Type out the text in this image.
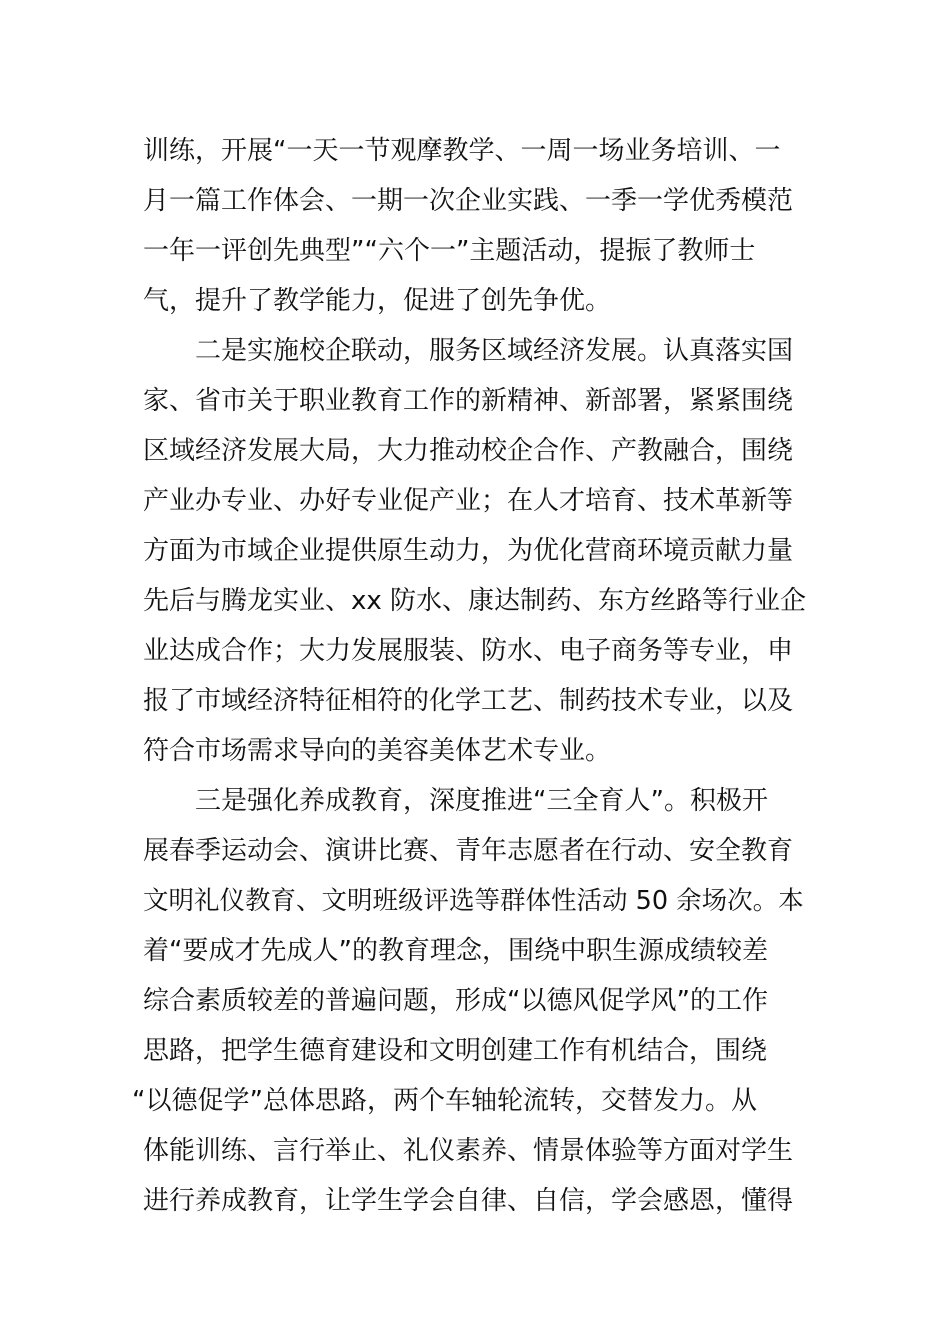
训练，开展“一天一节观摩教学、一周一场业务培训、一
月一篇工作体会、一期一次企业实践、一季一学优秀模范
一年一评创先典型”“六个一”主题活动，提振了教师士
气，提升了教学能力，促进了创先争优。
二是实施校企联动，服务区域经济发展。认真落实国
家、省市关于职业教育工作的新精神、新部署，紧紧围绕
区域经济发展大局，大力推动校企合作、产教融合，围绕
产业办专业、办好专业促产业；在人才培育、技术革新等
方面为市域企业提供原生动力，为优化营商环境贡献力量
先后与腾龙实业、xx 防水、康达制药、东方丝路等行业企
业达成合作；大力发展服装、防水、电子商务等专业，申
报了市域经济特征相符的化学工艺、制药技术专业，以及
符合市场需求导向的美容美体艺术专业。
三是强化养成教育，深度推进“三全育人”。积极开
展春季运动会、演讲比赛、青年志愿者在行动、安全教育
文明礼仪教育、文明班级评选等群体性活动 50 余场次。本
着“要成才先成人”的教育理念，围绕中职生源成绩较差
综合素质较差的普遍问题，形成“以德风促学风”的工作
思路，把学生德育建设和文明创建工作有机结合，围绕
“以德促学”总体思路，两个车轴轮流转，交替发力。从
体能训练、言行举止、礼仪素养、情景体验等方面对学生
进行养成教育，让学生学会自律、自信，学会感恩，懂得
